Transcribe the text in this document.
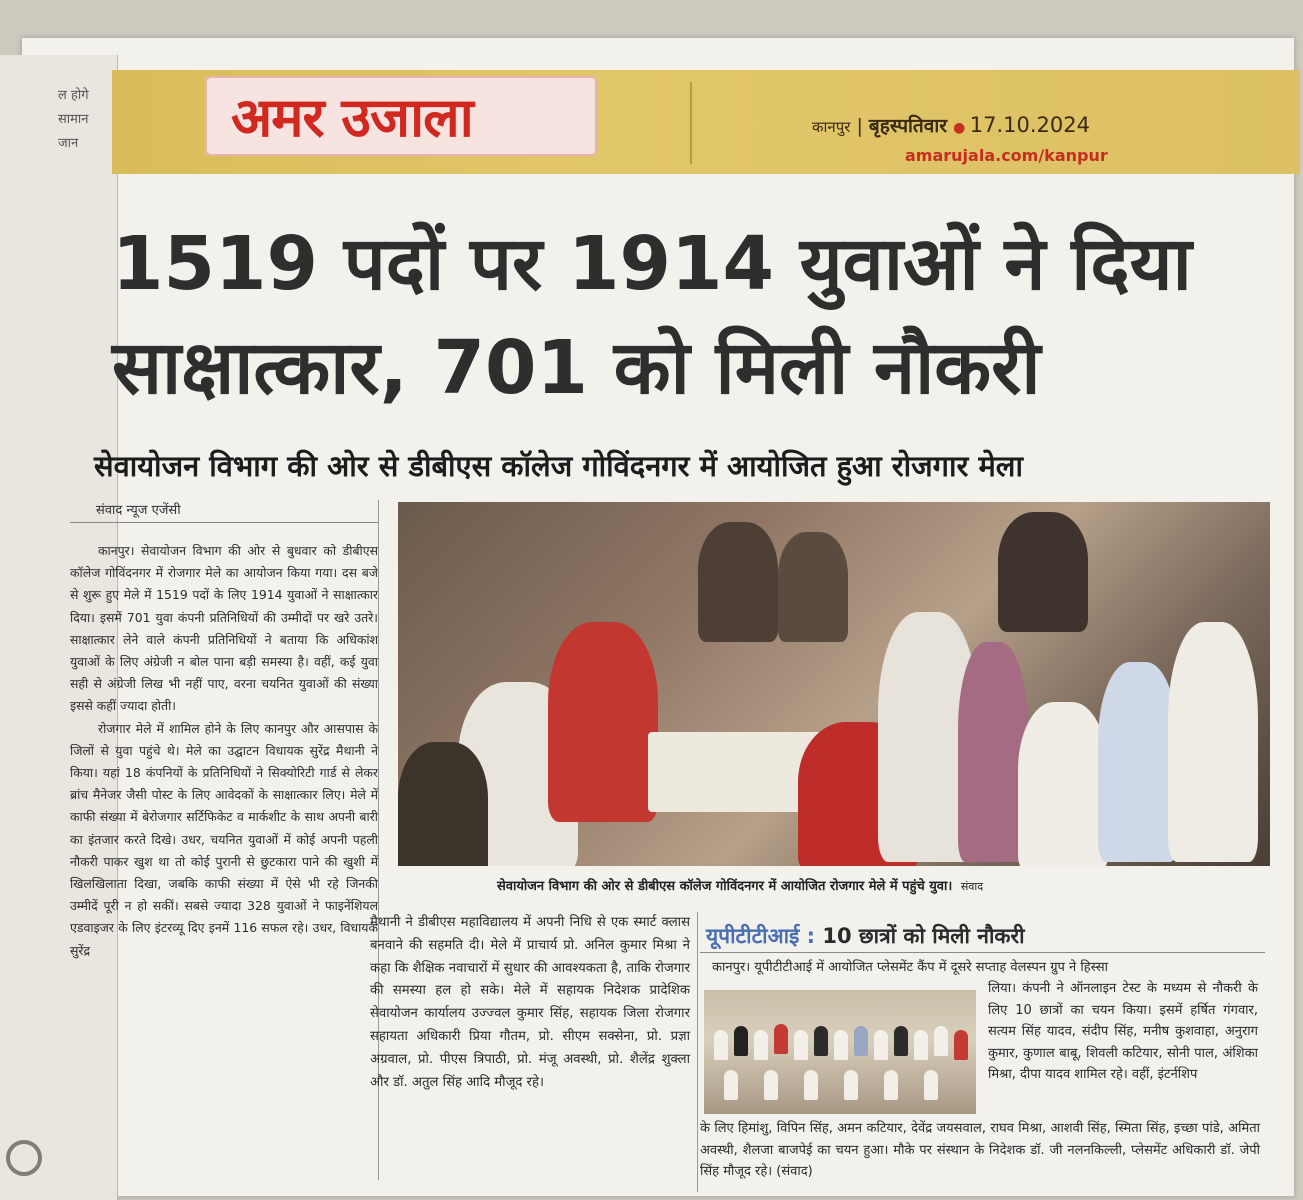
ल होगे
सामान
जान	अमर उजाला	कानपुर | बृहस्पतिवार ● 17.10.2024
amarujala.com/kanpur
1519 पदों पर 1914 युवाओं ने दिया
साक्षात्कार, 701 को मिली नौकरी
सेवायोजन विभाग की ओर से डीबीएस कॉलेज गोविंदनगर में आयोजित हुआ रोजगार मेला
संवाद न्यूज एजेंसी

कानपुर। सेवायोजन विभाग की ओर से बुधवार को डीबीएस कॉलेज गोविंदनगर में रोजगार मेले का आयोजन किया गया। दस बजे से शुरू हुए मेले में 1519 पदों के लिए 1914 युवाओं ने साक्षात्कार दिया। इसमें 701 युवा कंपनी प्रतिनिधियों की उम्मीदों पर खरे उतरे। साक्षात्कार लेने वाले कंपनी प्रतिनिधियों ने बताया कि अधिकांश युवाओं के लिए अंग्रेजी न बोल पाना बड़ी समस्या है। वहीं, कई युवा सही से अंग्रेजी लिख भी नहीं पाए, वरना चयनित युवाओं की संख्या इससे कहीं ज्यादा होती।

रोजगार मेले में शामिल होने के लिए कानपुर और आसपास के जिलों से युवा पहुंचे थे। मेले का उद्घाटन विधायक सुरेंद्र मैथानी ने किया। यहां 18 कंपनियों के प्रतिनिधियों ने सिक्योरिटी गार्ड से लेकर ब्रांच मैनेजर जैसी पोस्ट के लिए आवेदकों के साक्षात्कार लिए। मेले में काफी संख्या में बेरोजगार सर्टिफिकेट व मार्कशीट के साथ अपनी बारी का इंतजार करते दिखे। उधर, चयनित युवाओं में कोई अपनी पहली नौकरी पाकर खुश था तो कोई पुरानी से छुटकारा पाने की खुशी में खिलखिलाता दिखा, जबकि काफी संख्या में ऐसे भी रहे जिनकी उम्मीदें पूरी न हो सकीं। सबसे ज्यादा 328 युवाओं ने फाइनेंशियल एडवाइजर के लिए इंटरव्यू दिए इनमें 116 सफल रहे। उधर, विधायक सुरेंद्र

सेवायोजन विभाग की ओर से डीबीएस कॉलेज गोविंदनगर में आयोजित रोजगार मेले में पहुंचे युवा। संवाद
मैथानी ने डीबीएस महाविद्यालय में अपनी निधि से एक स्मार्ट क्लास बनवाने की सहमति दी। मेले में प्राचार्य प्रो. अनिल कुमार मिश्रा ने कहा कि शैक्षिक नवाचारों में सुधार की आवश्यकता है, ताकि रोजगार की समस्या हल हो सके। मेले में सहायक निदेशक प्रादेशिक सेवायोजन कार्यालय उज्ज्वल कुमार सिंह, सहायक जिला रोजगार सहायता अधिकारी प्रिया गौतम, प्रो. सीएम सक्सेना, प्रो. प्रज्ञा अग्रवाल, प्रो. पीएस त्रिपाठी, प्रो. मंजू अवस्थी, प्रो. शैलेंद्र शुक्ला और डॉ. अतुल सिंह आदि मौजूद रहे।
यूपीटीटीआई : 10 छात्रों को मिली नौकरी
कानपुर। यूपीटीटीआई में आयोजित प्लेसमेंट कैंप में दूसरे सप्ताह वेलस्पन ग्रुप ने हिस्सा
लिया। कंपनी ने ऑनलाइन टेस्ट के मध्यम से नौकरी के लिए 10 छात्रों का चयन किया। इसमें हर्षित गंगवार, सत्यम सिंह यादव, संदीप सिंह, मनीष कुशवाहा, अनुराग कुमार, कुणाल बाबू, शिवली कटियार, सोनी पाल, अंशिका मिश्रा, दीपा यादव शामिल रहे। वहीं, इंटर्नशिप
के लिए हिमांशु, विपिन सिंह, अमन कटियार, देवेंद्र जयसवाल, राघव मिश्रा, आशवी सिंह, स्मिता सिंह, इच्छा पांडे, अमिता अवस्थी, शैलजा बाजपेई का चयन हुआ। मौके पर संस्थान के निदेशक डॉ. जी नलनकिल्ली, प्लेसमेंट अधिकारी डॉ. जेपी सिंह मौजूद रहे। (संवाद)
